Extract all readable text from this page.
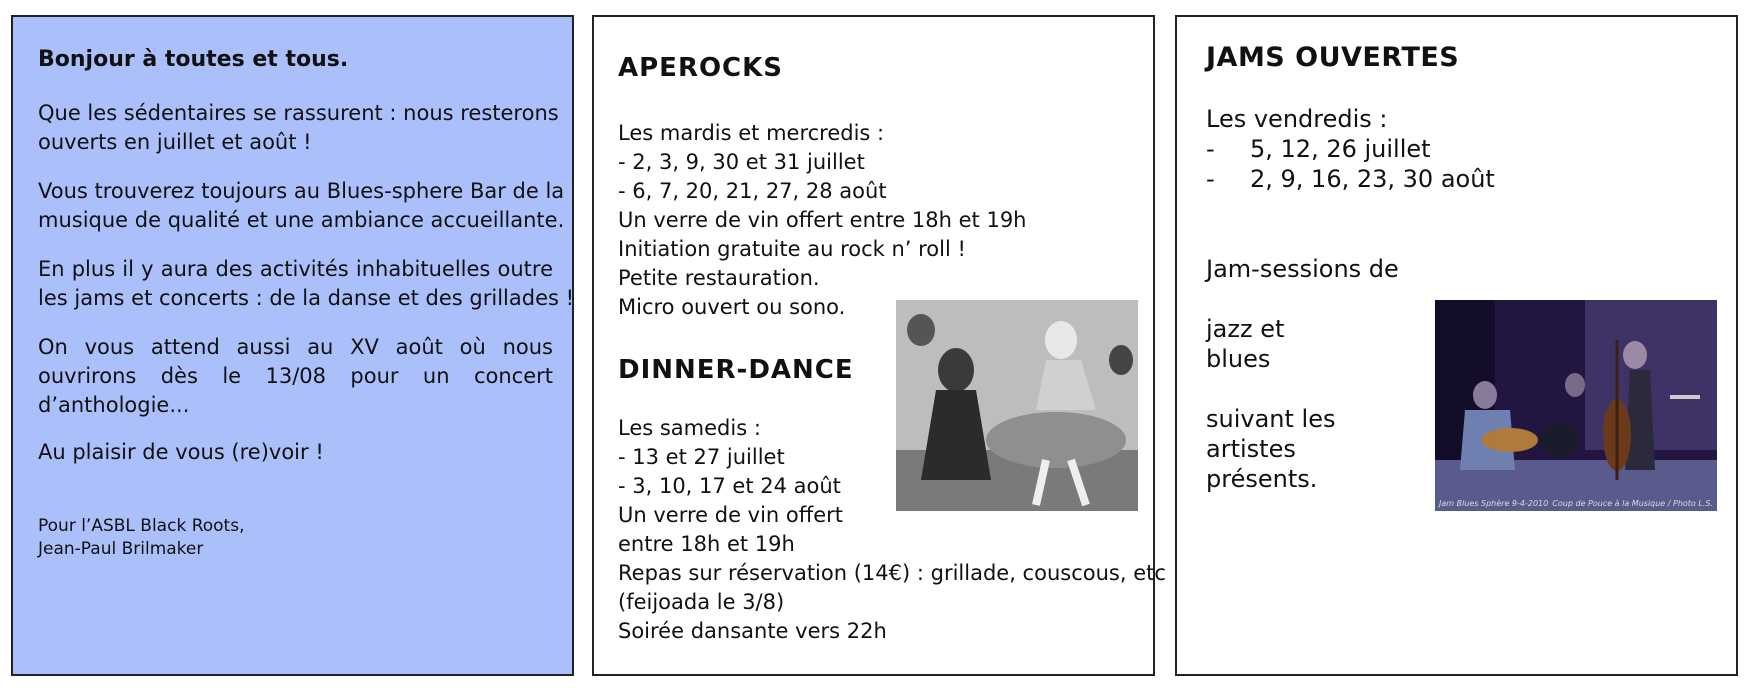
Bonjour à toutes et tous.

Que les sédentaires se rassurent : nous resterons
ouverts en juillet et août !
Vous trouverez toujours au Blues-sphere Bar de la
musique de qualité et une ambiance accueillante.
En plus il y aura des activités inhabituelles outre
les jams et concerts : de la danse et des grillades !
On vous attend aussi au XV août où nous
ouvrirons dès le 13/08 pour un concert
d’anthologie...
Au plaisir de vous (re)voir !

Pour l’ASBL Black Roots,

Jean-Paul Brilmaker

APEROCKS

Les mardis et mercredis :

- 2, 3, 9, 30 et 31 juillet

- 6, 7, 20, 21, 27, 28 août

Un verre de vin offert entre 18h et 19h

Initiation gratuite au rock n’ roll !

Petite restauration.

Micro ouvert ou sono.

DINNER-DANCE

Les samedis :

- 13 et 27 juillet

- 3, 10, 17 et 24 août

Un verre de vin offert

entre 18h et 19h

Repas sur réservation (14€) : grillade, couscous, etc

(feijoada le 3/8)

Soirée dansante vers 22h

JAMS OUVERTES

Les vendredis :

- 5, 12, 26 juillet

- 2, 9, 16, 23, 30 août

Jam-sessions de

jazz et

blues

suivant les

artistes

présents.

Jam Blues Sphère 9-4-2010 Coup de Pouce à la Musique / Photo L.S.
